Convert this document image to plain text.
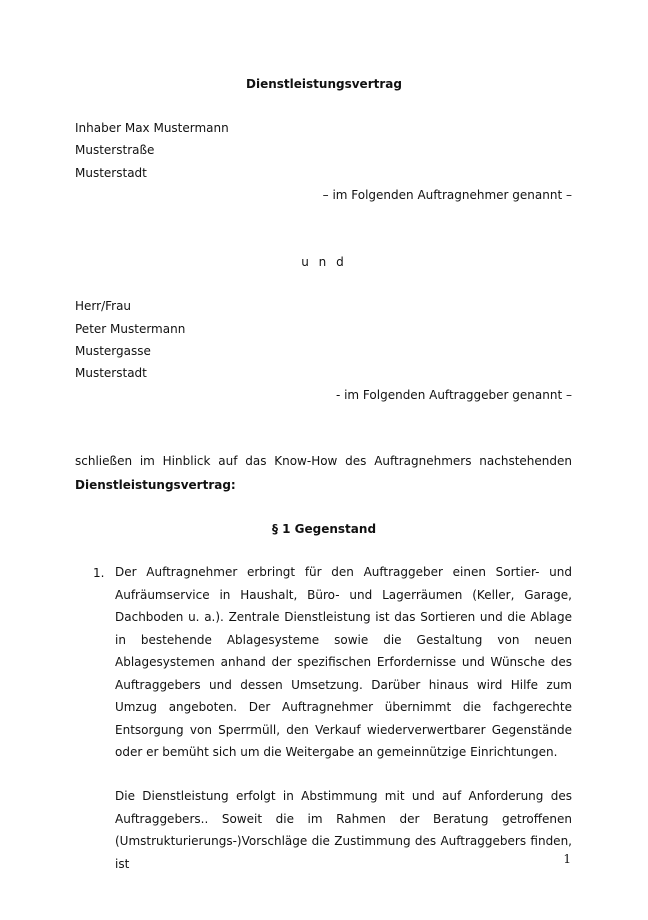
Dienstleistungsvertrag
Inhaber Max Mustermann
Musterstraße
Musterstadt
– im Folgenden Auftragnehmer genannt –
u n d
Herr/Frau
Peter Mustermann
Mustergasse
Musterstadt
- im Folgenden Auftraggeber genannt –
schließen im Hinblick auf das Know-How des Auftragnehmers nachstehenden
Dienstleistungsvertrag:
§ 1 Gegenstand
1. Der Auftragnehmer erbringt für den Auftraggeber einen Sortier- und Aufräumservice in Haushalt, Büro- und Lagerräumen (Keller, Garage, Dachboden u. a.). Zentrale Dienstleistung ist das Sortieren und die Ablage in bestehende Ablagesysteme sowie die Gestaltung von neuen Ablagesystemen anhand der spezifischen Erfordernisse und Wünsche des Auftraggebers und dessen Umsetzung. Darüber hinaus wird Hilfe zum Umzug angeboten. Der Auftragnehmer übernimmt die fachgerechte Entsorgung von Sperrmüll, den Verkauf wiederverwertbarer Gegenstände oder er bemüht sich um die Weitergabe an gemeinnützige Einrichtungen.
Die Dienstleistung erfolgt in Abstimmung mit und auf Anforderung des Auftraggebers.. Soweit die im Rahmen der Beratung getroffenen (Umstrukturierungs-)Vorschläge die Zustimmung des Auftraggebers finden, ist	1
